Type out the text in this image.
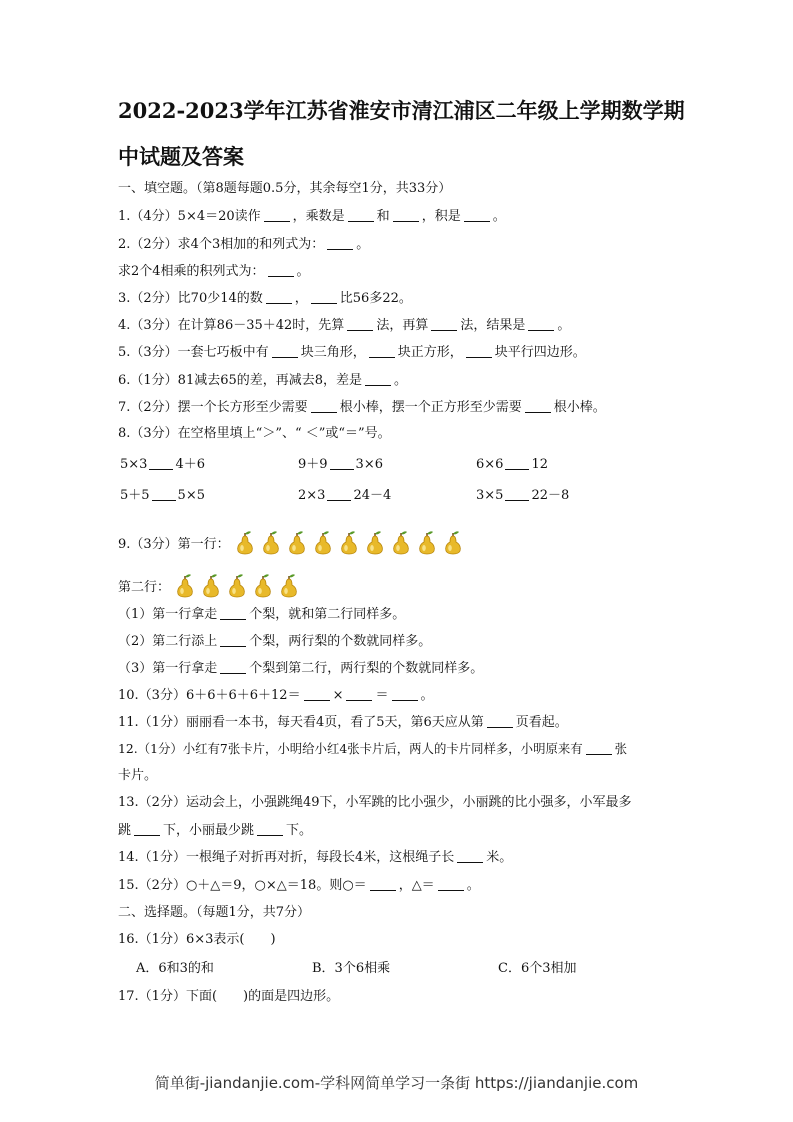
2022-2023学年江苏省淮安市清江浦区二年级上学期数学期
中试题及答案
一、填空题。（第8题每题0.5分，其余每空1分，共33分）
1.（4分）5×4＝20读作 ，乘数是 和 ，积是 。
2.（2分）求4个3相加的和列式为： 。
求2个4相乘的积列式为： 。
3.（2分）比70少14的数 ， 比56多22。
4.（3分）在计算86－35＋42时，先算 法，再算 法，结果是 。
5.（3分）一套七巧板中有 块三角形， 块正方形， 块平行四边形。
6.（1分）81减去65的差，再减去8，差是 。
7.（2分）摆一个长方形至少需要 根小棒，摆一个正方形至少需要 根小棒。
8.（3分）在空格里填上“＞”、“ ＜”或“＝”号。
5×3 4＋6	9＋9 3×6	6×6 12
5＋5 5×5	2×3 24－4	3×5 22－8
9.（3分）第一行：
第二行：
（1）第一行拿走 个梨，就和第二行同样多。
（2）第二行添上 个梨，两行梨的个数就同样多。
（3）第一行拿走 个梨到第二行，两行梨的个数就同样多。
10.（3分）6＋6＋6＋6＋12＝ × ＝ 。
11.（1分）丽丽看一本书，每天看4页，看了5天，第6天应从第 页看起。
12.（1分）小红有7张卡片，小明给小红4张卡片后，两人的卡片同样多，小明原来有	张
卡片。
13.（2分）运动会上，小强跳绳49下，小军跳的比小强少，小丽跳的比小强多，小军最多
跳 下，小丽最少跳 下。
14.（1分）一根绳子对折再对折，每段长4米，这根绳子长 米。
15.（2分）○＋△＝9，○×△＝18。则○＝ ，△＝ 。
二、选择题。（每题1分，共7分）
16.（1分）6×3表示(　　)
A．6和3的和	B．3个6相乘	C．6个3相加
17.（1分）下面(　　)的面是四边形。
简单街-jiandanjie.com-学科网简单学习一条街 https://jiandanjie.com
